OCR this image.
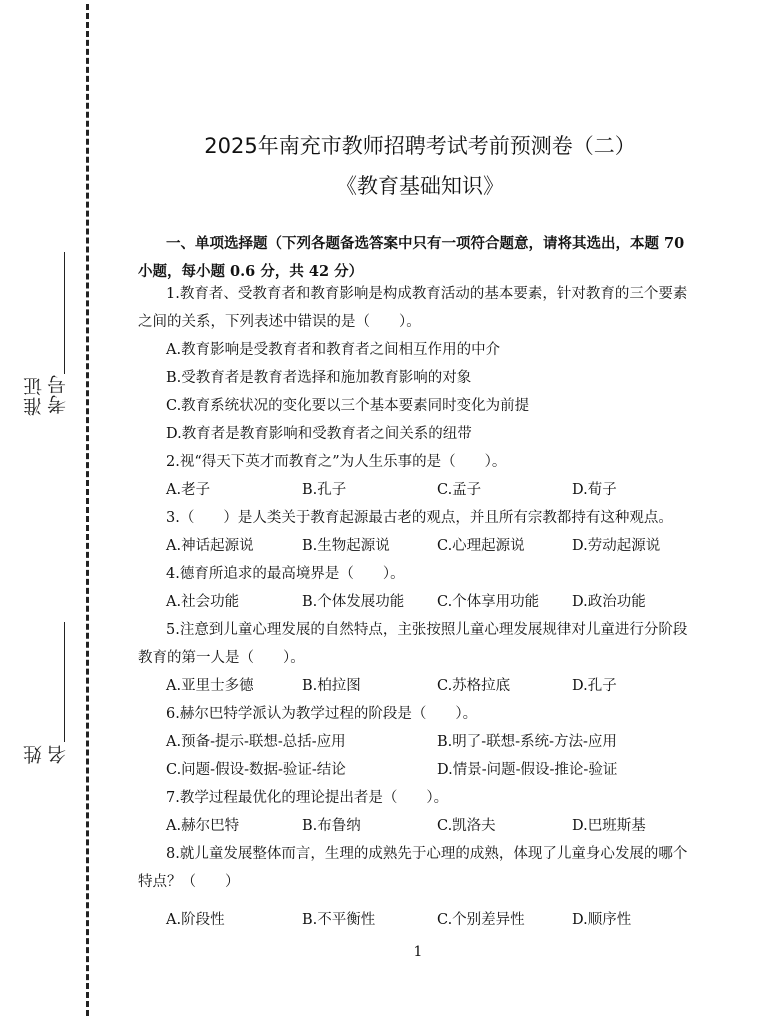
准证 考号
姓 名
2025年南充市教师招聘考试考前预测卷（二）
《教育基础知识》
一、单项选择题（下列各题备选答案中只有一项符合题意，请将其选出，本题 70
小题，每小题 0.6 分，共 42 分）
1.教育者、受教育者和教育影响是构成教育活动的基本要素，针对教育的三个要素
之间的关系，下列表述中错误的是（　　）。
A.教育影响是受教育者和教育者之间相互作用的中介
B.受教育者是教育者选择和施加教育影响的对象
C.教育系统状况的变化要以三个基本要素同时变化为前提
D.教育者是教育影响和受教育者之间关系的纽带
2.视“得天下英才而教育之”为人生乐事的是（　　）。
A.老子	B.孔子	C.孟子	D.荀子
3.（　　）是人类关于教育起源最古老的观点，并且所有宗教都持有这种观点。
A.神话起源说	B.生物起源说	C.心理起源说	D.劳动起源说
4.德育所追求的最高境界是（　　）。
A.社会功能	B.个体发展功能 C.个体享用功能 D.政治功能
5.注意到儿童心理发展的自然特点，主张按照儿童心理发展规律对儿童进行分阶段
教育的第一人是（　　）。
A.亚里士多德	B.柏拉图	C.苏格拉底	D.孔子
6.赫尔巴特学派认为教学过程的阶段是（　　）。
A.预备-提示-联想-总括-应用	B.明了-联想-系统-方法-应用
C.问题-假设-数据-验证-结论	D.情景-问题-假设-推论-验证
7.教学过程最优化的理论提出者是（　　）。
A.赫尔巴特	B.布鲁纳	C.凯洛夫	D.巴班斯基
8.就儿童发展整体而言，生理的成熟先于心理的成熟，体现了儿童身心发展的哪个
特点？（　　）
A.阶段性	B.不平衡性	C.个别差异性	D.顺序性
1
